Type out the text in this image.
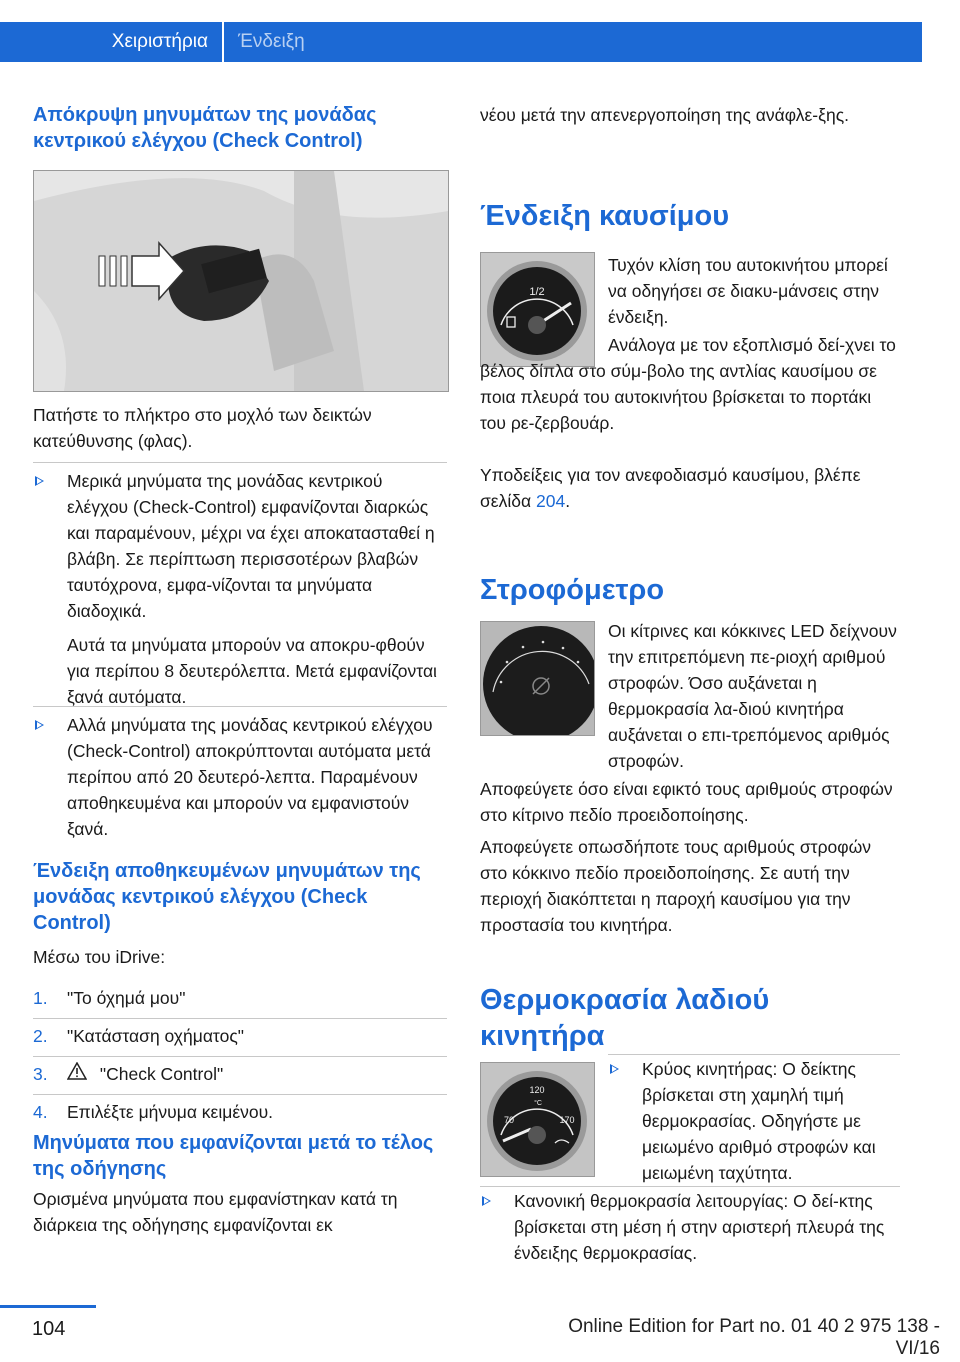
Χειριστήρια	Ένδειξη
Απόκρυψη μηνυμάτων της μονάδας κεντρικού ελέγχου (Check Control)

Πατήστε το πλήκτρο στο μοχλό των δεικτών κατεύθυνσης (φλας).

Μερικά μηνύματα της μονάδας κεντρικού ελέγχου (Check-Control) εμφανίζονται διαρκώς και παραμένουν, μέχρι να έχει αποκατασταθεί η βλάβη. Σε περίπτωση περισσοτέρων βλαβών ταυτόχρονα, εμφα‐νίζονται τα μηνύματα διαδοχικά.

Αυτά τα μηνύματα μπορούν να αποκρυ‐φθούν για περίπου 8 δευτερόλεπτα. Μετά εμφανίζονται ξανά αυτόματα.

Αλλά μηνύματα της μονάδας κεντρικού ελέγχου (Check-Control) αποκρύπτονται αυτόματα μετά περίπου από 20 δευτερό‐λεπτα. Παραμένουν αποθηκευμένα και μπορούν να εμφανιστούν ξανά.

Ένδειξη αποθηκευμένων μηνυμάτων της μονάδας κεντρικού ελέγχου (Check Control)

Μέσω του iDrive:

1. "Το όχημά μου"
2. "Κατάσταση οχήματος"
3.	"Check Control"
4. Επιλέξτε μήνυμα κειμένου.
Μηνύματα που εμφανίζονται μετά το τέλος της οδήγησης

Ορισμένα μηνύματα που εμφανίστηκαν κατά τη διάρκεια της οδήγησης εμφανίζονται εκ

νέου μετά την απενεργοποίηση της ανάφλε‐ξης.

Ένδειξη καυσίμου
1/2

Τυχόν κλίση του αυτοκινήτου μπορεί να οδηγήσει σε διακυ‐μάνσεις στην ένδειξη.

Ανάλογα με τον εξοπλισμό δεί‐χνει το βέλος δίπλα στο σύμ‐βολο της αντλίας καυσίμου σε ποια πλευρά του αυτοκινήτου βρίσκεται το πορτάκι του ρε‐ζερβουάρ.

Υποδείξεις για τον ανεφοδιασμό καυσίμου, βλέπε σελίδα 204.

Στροφόμετρο

Οι κίτρινες και κόκκινες LED δείχνουν την επιτρεπόμενη πε‐ριοχή αριθμού στροφών. Όσο αυξάνεται η θερμοκρασία λα‐διού κινητήρα αυξάνεται ο επι‐τρεπόμενος αριθμός στροφών.

Αποφεύγετε όσο είναι εφικτό τους αριθμούς στροφών στο κίτρινο πεδίο προειδοποίησης.

Αποφεύγετε οπωσδήποτε τους αριθμούς στροφών στο κόκκινο πεδίο προειδοποίησης. Σε αυτή την περιοχή διακόπτεται η παροχή καυσίμου για την προστασία του κινητήρα.

Θερμοκρασία λαδιού κινητήρα
120
°C
70	170

Κρύος κινητήρας: Ο δείκτης βρίσκεται στη χαμηλή τιμή θερμοκρασίας. Οδηγήστε με μειωμένο αριθμό στροφών και μειωμένη ταχύτητα.

Κανονική θερμοκρασία λειτουργίας: Ο δεί‐κτης βρίσκεται στη μέση ή στην αριστερή πλευρά της ένδειξης θερμοκρασίας.

104	Online Edition for Part no. 01 40 2 975 138 - VI/16
